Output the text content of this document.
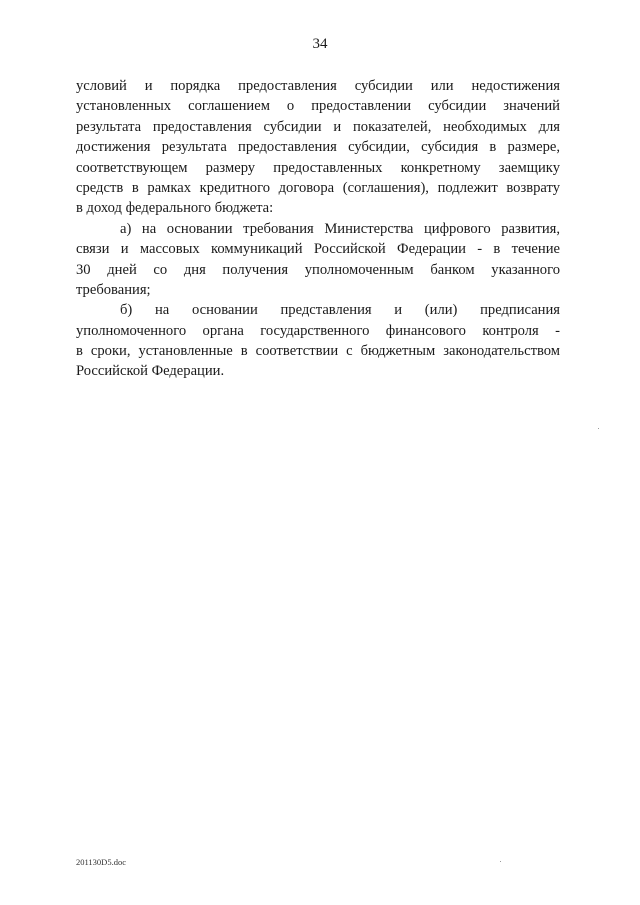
34

условий и порядка предоставления субсидии или недостижения
установленных соглашением о предоставлении субсидии значений
результата предоставления субсидии и показателей, необходимых для
достижения результата предоставления субсидии, субсидия в размере,
соответствующем размеру предоставленных конкретному заемщику
средств в рамках кредитного договора (соглашения), подлежит возврату
в доход федерального бюджета:

а) на основании требования Министерства цифрового развития,
связи и массовых коммуникаций Российской Федерации - в течение
30 дней со дня получения уполномоченным банком указанного
требования;

б) на основании представления и (или) предписания
уполномоченного органа государственного финансового контроля -
в сроки, установленные в соответствии с бюджетным законодательством
Российской Федерации.

201130D5.doc
